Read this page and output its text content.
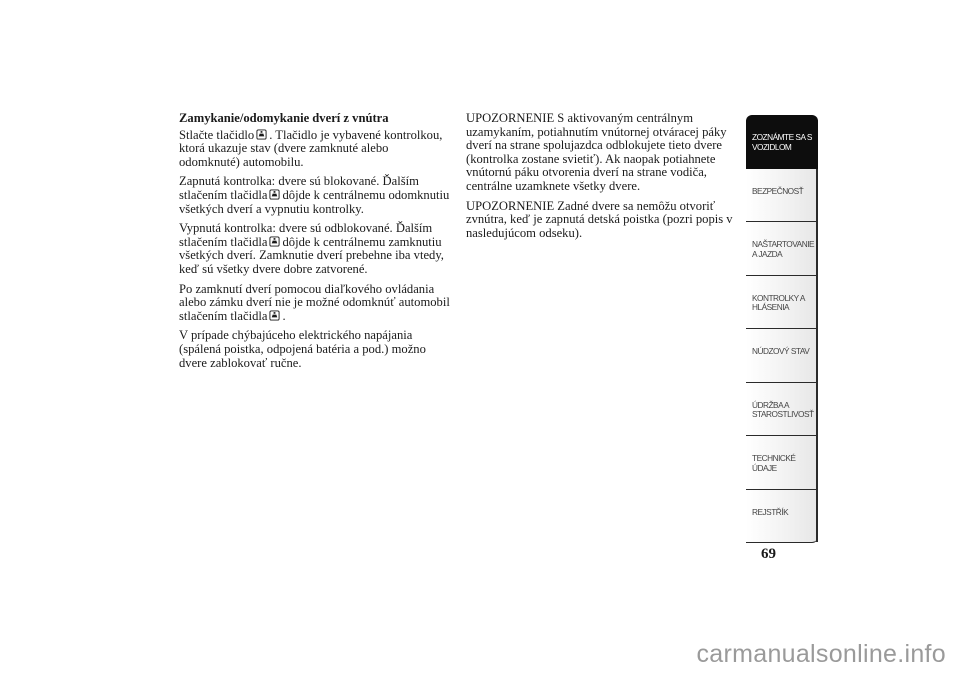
Zamykanie/odomykanie dverí z vnútra

Stlačte tlačidlo . Tlačidlo je vybavené kontrolkou, ktorá ukazuje stav (dvere zamknuté alebo odomknuté) automobilu.

Zapnutá kontrolka: dvere sú blokované. Ďalším stlačením tlačidla dôjde k centrálnemu odomknutiu všetkých dverí a vypnutiu kontrolky.

Vypnutá kontrolka: dvere sú odblokované. Ďalším stlačením tlačidla dôjde k centrálnemu zamknutiu všetkých dverí. Zamknutie dverí prebehne iba vtedy, keď sú všetky dvere dobre zatvorené.

Po zamknutí dverí pomocou diaľkového ovládania alebo zámku dverí nie je možné odomknúť automobil stlačením tlačidla .

V prípade chýbajúceho elektrického napájania (spálená poistka, odpojená batéria a pod.) možno dvere zablokovať ručne.

UPOZORNENIE S aktivovaným centrálnym uzamykaním, potiahnutím vnútornej otváracej páky dverí na strane spolujazdca odblokujete tieto dvere (kontrolka zostane svietiť). Ak naopak potiahnete vnútornú páku otvorenia dverí na strane vodiča, centrálne uzamknete všetky dvere.

UPOZORNENIE Zadné dvere sa nemôžu otvoriť zvnútra, keď je zapnutá detská poistka (pozri popis v nasledujúcom odseku).

ZOZNÁMTE SA S
VOZIDLOM
BEZPEČNOSŤ
NAŠTARTOVANIE
A JAZDA
KONTROLKY A
HLÁSENIA
NÚDZOVÝ STAV
ÚDRŽBA A
STAROSTLIVOSŤ
TECHNICKÉ
ÚDAJE
REJSTŘÍK
69
carmanualsonline.info
